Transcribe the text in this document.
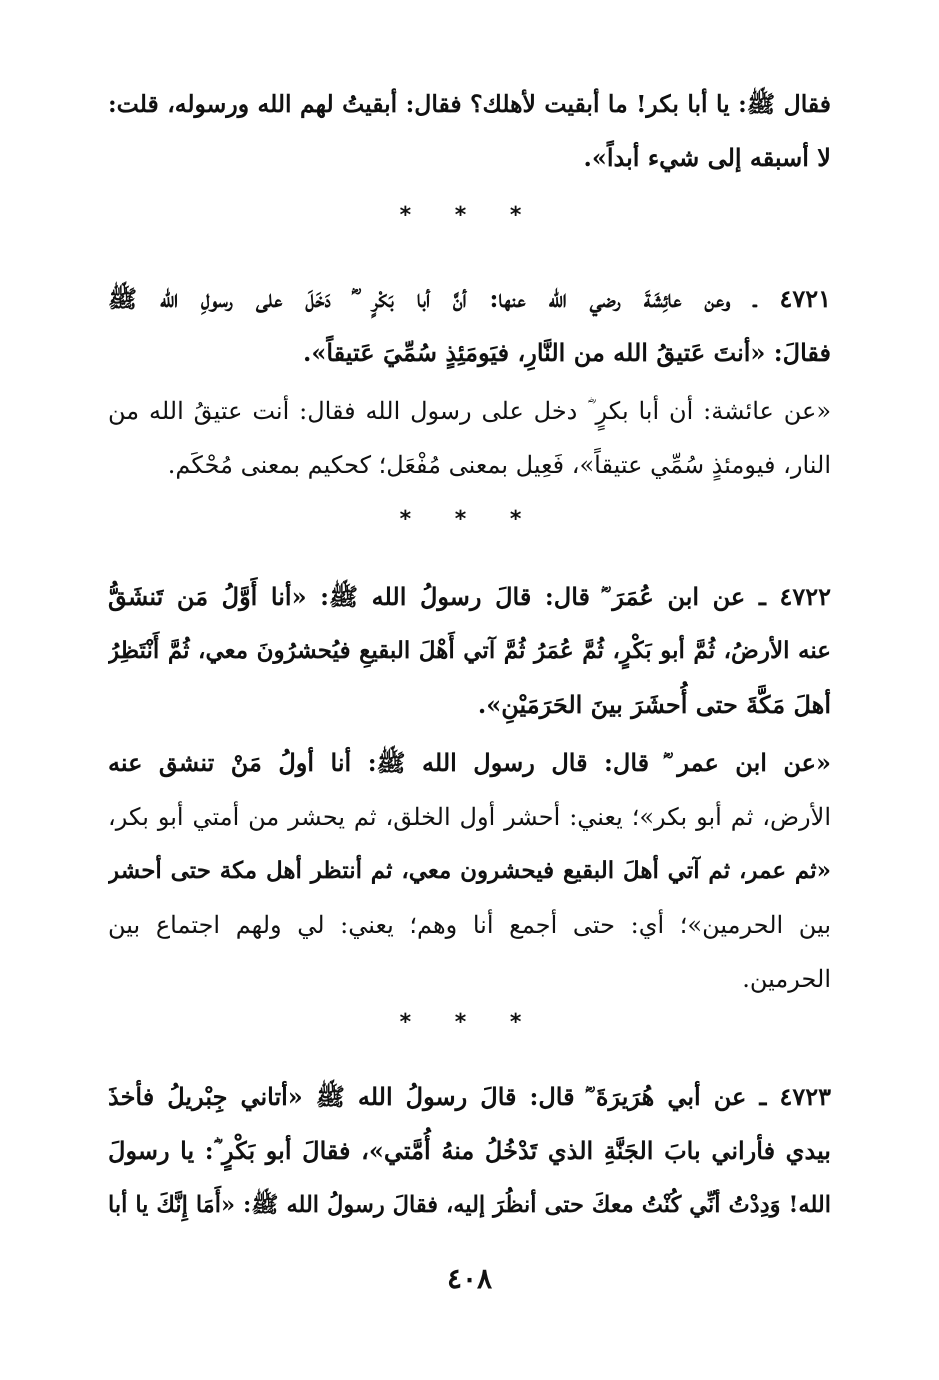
فقال ﷺ: يا أبا بكر! ما أبقيت لأهلك؟ فقال: أبقيتُ لهم الله ورسوله، قلت:
لا أسبقه إلى شيء أبداً».
* * *
٤٧٢١ ـ وعن عائِشَةَ رضي الله عنها: أنَّ أبا بَكْرٍ ؓ دَخَلَ على رسولِ الله ﷺ
فقالَ: «أنتَ عَتيقُ الله من النَّارِ، فيَومَئِذٍ سُمِّيَ عَتيقاً».
«عن عائشة: أن أبا بكرٍ ؓ دخل على رسول الله فقال: أنت عتيقُ الله من
النار، فيومئذٍ سُمِّي عتيقاً»، فَعِيل بمعنى مُفْعَل؛ كحكيم بمعنى مُحْكَم.
* * *
٤٧٢٢ ـ عن ابن عُمَرَ ؓ قال: قالَ رسولُ الله ﷺ: «أنا أَوَّلُ مَن تَنشَقُّ
عنه الأرضُ، ثُمَّ أبو بَكْرٍ، ثُمَّ عُمَرُ ثُمَّ آتي أَهْلَ البقيعِ فيُحشرُونَ معي، ثُمَّ أَنْتَظِرُ
أهلَ مَكَّةَ حتى أُحشَرَ بينَ الحَرَمَيْنِ».
«عن ابن عمر ؓ قال: قال رسول الله ﷺ: أنا أولُ مَنْ تنشق عنه
الأرض، ثم أبو بكر»؛ يعني: أحشر أول الخلق، ثم يحشر من أمتي أبو بكر،
«ثم عمر، ثم آتي أهلَ البقيع فيحشرون معي، ثم أنتظر أهل مكة حتى أحشر
بين الحرمين»؛ أي: حتى أجمع أنا وهم؛ يعني: لي ولهم اجتماع بين
الحرمين.
* * *
٤٧٢٣ ـ عن أبي هُرَيرَةَ ؓ قال: قالَ رسولُ الله ﷺ «أتاني جِبْريلُ فأخذَ
بيدي فأراني بابَ الجَنَّةِ الذي تَدْخُلُ منهُ أُمَّتي»، فقالَ أبو بَكْرٍ ؓ: يا رسولَ
الله! وَدِدْتُ أنِّي كُنْتُ معكَ حتى أنظُرَ إليه، فقالَ رسولُ الله ﷺ: «أَمَا إِنَّكَ يا أبا
٤٠٨
